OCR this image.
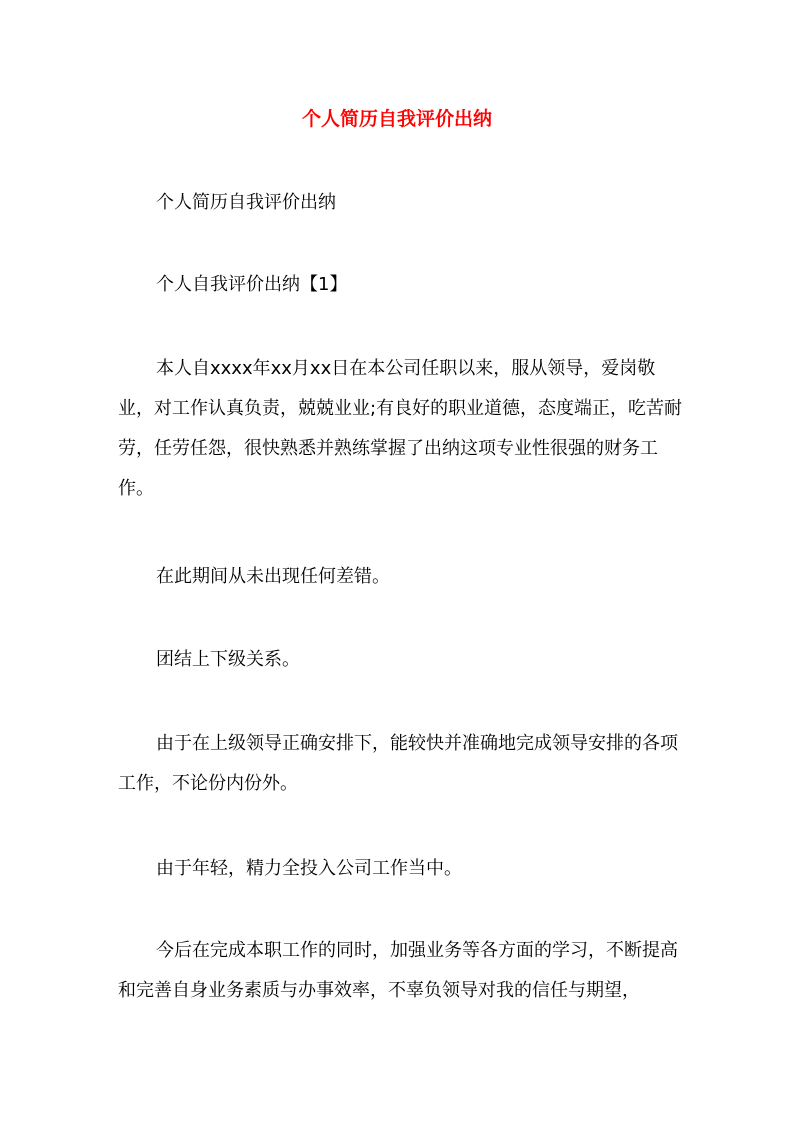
个人简历自我评价出纳

个人简历自我评价出纳

个人自我评价出纳【1】

本人自xxxx年xx月xx日在本公司任职以来，服从领导，爱岗敬业，对工作认真负责，兢兢业业;有良好的职业道德，态度端正，吃苦耐劳，任劳任怨，很快熟悉并熟练掌握了出纳这项专业性很强的财务工作。

在此期间从未出现任何差错。

团结上下级关系。

由于在上级领导正确安排下，能较快并准确地完成领导安排的各项工作，不论份内份外。

由于年轻，精力全投入公司工作当中。

今后在完成本职工作的同时，加强业务等各方面的学习，不断提高和完善自身业务素质与办事效率，不辜负领导对我的信任与期望，
